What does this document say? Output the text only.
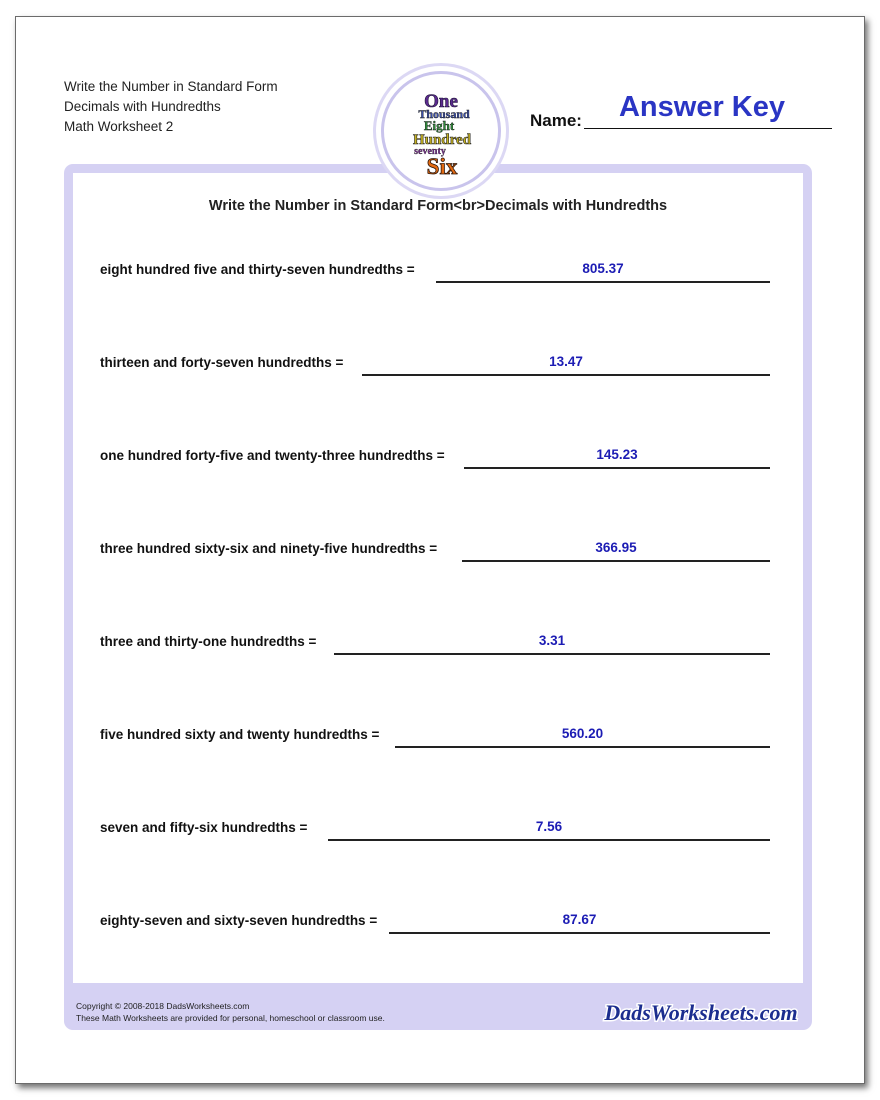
Write the Number in Standard Form
Decimals with Hundredths
Math Worksheet 2
One
Thousand
Eight
Hundred
seventy
Six
Answer Key
Name:
Write the Number in Standard Form<br>Decimals with Hundredths
eight hundred five and thirty-seven hundredths =	805.37
thirteen and forty-seven hundredths =	13.47
one hundred forty-five and twenty-three hundredths =	145.23
three hundred sixty-six and ninety-five hundredths =	366.95
three and thirty-one hundredths =	3.31
five hundred sixty and twenty hundredths =	560.20
seven and fifty-six hundredths =	7.56
eighty-seven and sixty-seven hundredths =	87.67
Copyright © 2008-2018 DadsWorksheets.com
These Math Worksheets are provided for personal, homeschool or classroom use.	DadsWorksheets.com
